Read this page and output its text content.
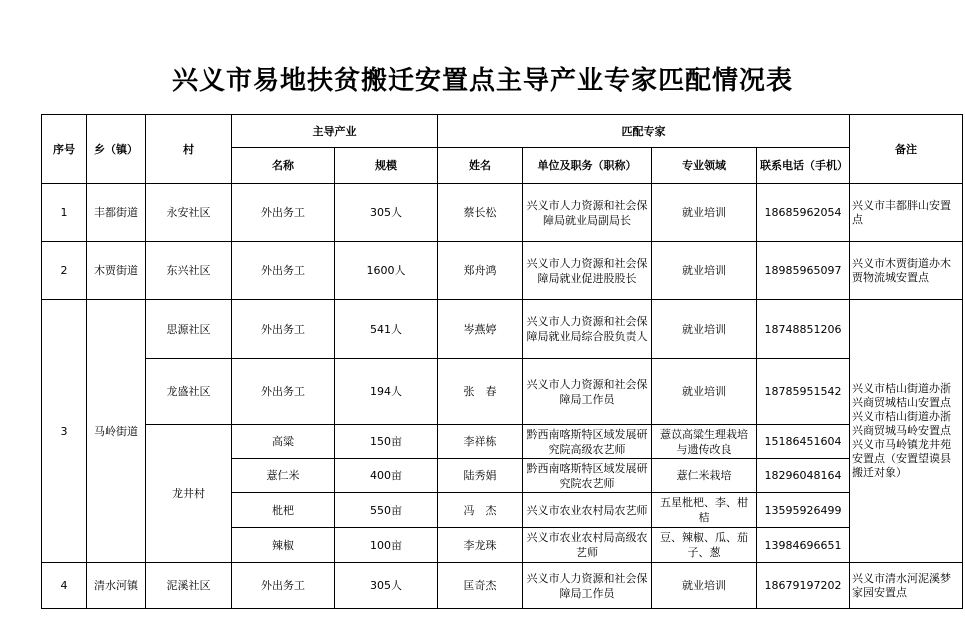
兴义市易地扶贫搬迁安置点主导产业专家匹配情况表
序号	乡（镇）	村	主导产业		匹配专家				备注
			名称	规模	姓名	单位及职务（职称）	专业领域	联系电话（手机）	
1	丰都街道	永安社区	外出务工	305人	蔡长松	兴义市人力资源和社会保障局就业局副局长	就业培训	18685962054	兴义市丰都胖山安置点
2	木贾街道	东兴社区	外出务工	1600人	郑舟鸿	兴义市人力资源和社会保障局就业促进股股长	就业培训	18985965097	兴义市木贾街道办木贾物流城安置点
3	马岭街道	思源社区	外出务工	541人	岑燕婷	兴义市人力资源和社会保障局就业局综合股负责人	就业培训	18748851206	兴义市桔山街道办浙兴商贸城桔山安置点 兴义市桔山街道办浙兴商贸城马岭安置点 兴义市马岭镇龙井苑安置点（安置望谟县搬迁对象）
		龙盛社区	外出务工	194人	张　春	兴义市人力资源和社会保障局工作员	就业培训	18785951542	
		龙井村	高粱	150亩	李祥栋	黔西南喀斯特区域发展研究院高级农艺师	薏苡高粱生理栽培与遗传改良	15186451604	
			薏仁米	400亩	陆秀娟	黔西南喀斯特区域发展研究院农艺师	薏仁米栽培	18296048164	
			枇杷	550亩	冯　杰	兴义市农业农村局农艺师	五星枇杷、李、柑桔	13595926499	
			辣椒	100亩	李龙珠	兴义市农业农村局高级农艺师	豆、辣椒、瓜、茄子、葱	13984696651	
4	清水河镇	泥溪社区	外出务工	305人	匡奇杰	兴义市人力资源和社会保障局工作员	就业培训	18679197202	兴义市清水河泥溪梦家园安置点
